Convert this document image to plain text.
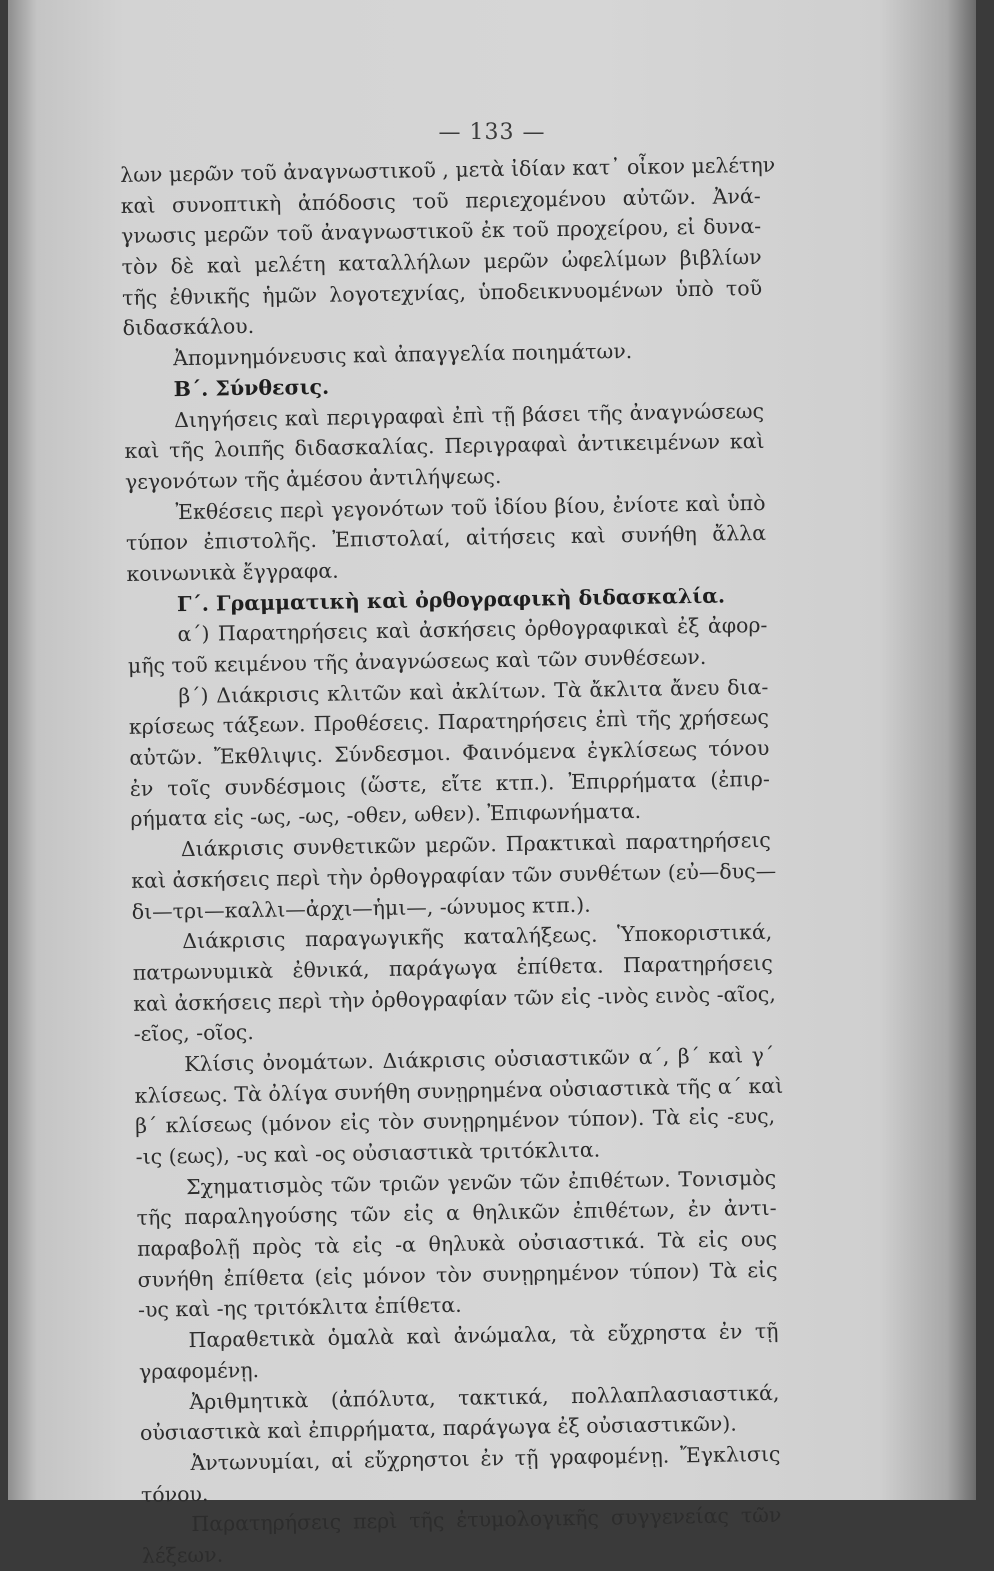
— 133 —
λων μερῶν τοῦ ἀναγνωστικοῦ , μετὰ ἰδίαν κατ᾽ οἶκον μελέτην
καὶ συνοπτικὴ ἀπόδοσις τοῦ περιεχομένου αὐτῶν. Ἀνά-
γνωσις μερῶν τοῦ ἀναγνωστικοῦ ἐκ τοῦ προχείρου, εἰ δυνα-
τὸν δὲ καὶ μελέτη καταλλήλων μερῶν ὠφελίμων βιβλίων
τῆς ἐθνικῆς ἡμῶν λογοτεχνίας, ὑποδεικνυομένων ὑπὸ τοῦ
διδασκάλου.
Ἀπομνημόνευσις καὶ ἀπαγγελία ποιημάτων.
Β΄. Σύνθεσις.
Διηγήσεις καὶ περιγραφαὶ ἐπὶ τῇ βάσει τῆς ἀναγνώσεως
καὶ τῆς λοιπῆς διδασκαλίας. Περιγραφαὶ ἀντικειμένων καὶ
γεγονότων τῆς ἀμέσου ἀντιλήψεως.
Ἐκθέσεις περὶ γεγονότων τοῦ ἰδίου βίου, ἐνίοτε καὶ ὑπὸ
τύπον ἐπιστολῆς. Ἐπιστολαί, αἰτήσεις καὶ συνήθη ἄλλα
κοινωνικὰ ἔγγραφα.
Γ΄. Γραμματικὴ καὶ ὀρθογραφικὴ διδασκαλία.
α΄) Παρατηρήσεις καὶ ἀσκήσεις ὀρθογραφικαὶ ἐξ ἀφορ-
μῆς τοῦ κειμένου τῆς ἀναγνώσεως καὶ τῶν συνθέσεων.
β΄) Διάκρισις κλιτῶν καὶ ἀκλίτων. Τὰ ἄκλιτα ἄνευ δια-
κρίσεως τάξεων. Προθέσεις. Παρατηρήσεις ἐπὶ τῆς χρήσεως
αὐτῶν. Ἔκθλιψις. Σύνδεσμοι. Φαινόμενα ἐγκλίσεως τόνου
ἐν τοῖς συνδέσμοις (ὥστε, εἴτε κτπ.). Ἐπιρρήματα (ἐπιρ-
ρήματα εἰς -ως, -ως, -οθεν, ωθεν). Ἐπιφωνήματα.
Διάκρισις συνθετικῶν μερῶν. Πρακτικαὶ παρατηρήσεις
καὶ ἀσκήσεις περὶ τὴν ὀρθογραφίαν τῶν συνθέτων (εὐ—δυς—
δι—τρι—καλλι—ἀρχι—ἡμι—, -ώνυμος κτπ.).
Διάκρισις παραγωγικῆς καταλήξεως. Ὑποκοριστικά,
πατρωνυμικὰ ἐθνικά, παράγωγα ἐπίθετα. Παρατηρήσεις
καὶ ἀσκήσεις περὶ τὴν ὀρθογραφίαν τῶν εἰς -ινὸς εινὸς -αῖος,
-εῖος, -οῖος.
Κλίσις ὀνομάτων. Διάκρισις οὐσιαστικῶν α΄, β΄ καὶ γ΄
κλίσεως. Τὰ ὀλίγα συνήθη συνῃρημένα οὐσιαστικὰ τῆς α΄ καὶ
β΄ κλίσεως (μόνον εἰς τὸν συνῃρημένον τύπον). Τὰ εἰς -ευς,
-ις (εως), -υς καὶ -ος οὐσιαστικὰ τριτόκλιτα.
Σχηματισμὸς τῶν τριῶν γενῶν τῶν ἐπιθέτων. Τονισμὸς
τῆς παραληγούσης τῶν εἰς α θηλικῶν ἐπιθέτων, ἐν ἀντι-
παραβολῇ πρὸς τὰ εἰς -α θηλυκὰ οὐσιαστικά. Τὰ εἰς ους
συνήθη ἐπίθετα (εἰς μόνον τὸν συνῃρημένον τύπον) Τὰ εἰς
-υς καὶ -ης τριτόκλιτα ἐπίθετα.
Παραθετικὰ ὁμαλὰ καὶ ἀνώμαλα, τὰ εὔχρηστα ἐν τῇ
γραφομένῃ.
Ἀριθμητικὰ (ἀπόλυτα, τακτικά, πολλαπλασιαστικά,
οὐσιαστικὰ καὶ ἐπιρρήματα, παράγωγα ἐξ οὐσιαστικῶν).
Ἀντωνυμίαι, αἱ εὔχρηστοι ἐν τῇ γραφομένῃ. Ἔγκλισις
τόνου.
Παρατηρήσεις περὶ τῆς ἐτυμολογικῆς συγγενείας τῶν
λέξεων.
